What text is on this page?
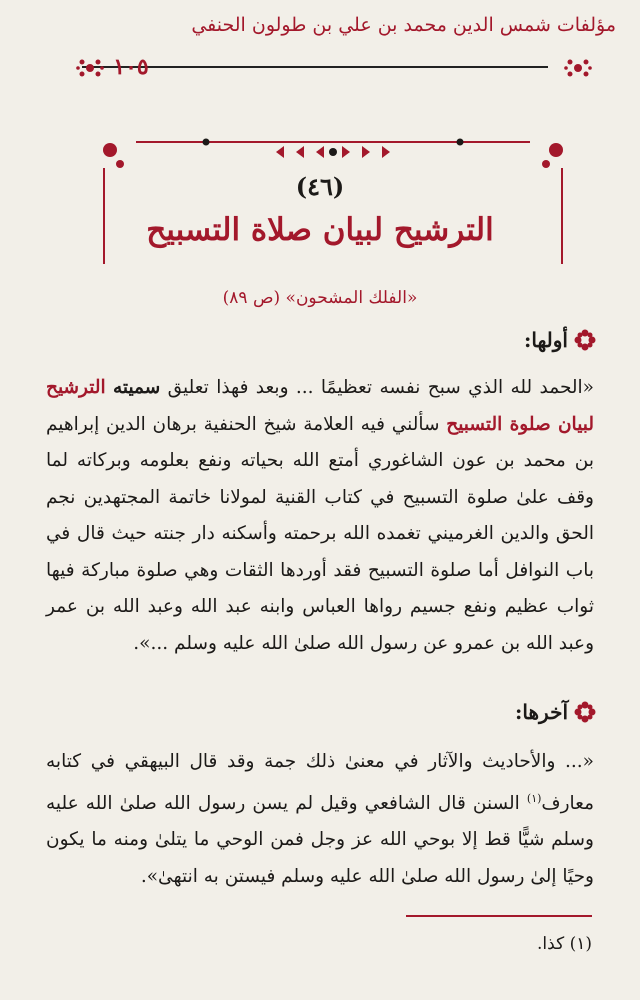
مؤلفات شمس الدين محمد بن علي بن طولون الحنفي
١٠٥
(٤٦)
الترشيح لبيان صلاة التسبيح
«الفلك المشحون» (ص ٨٩)
أولها:
«الحمد لله الذي سبح نفسه تعظيمًا ... وبعد فهذا تعليق سميته الترشيح لبيان صلوة التسبيح سألني فيه العلامة شيخ الحنفية برهان الدين إبراهيم بن محمد بن عون الشاغوري أمتع الله بحياته ونفع بعلومه وبركاته لما وقف علىٰ صلوة التسبيح في كتاب القنية لمولانا خاتمة المجتهدين نجم الحق والدين الغرميني تغمده الله برحمته وأسكنه دار جنته حيث قال في باب النوافل أما صلوة التسبيح فقد أوردها الثقات وهي صلوة مباركة فيها ثواب عظيم ونفع جسيم رواها العباس وابنه عبد الله وعبد الله بن عمر وعبد الله بن عمرو عن رسول الله صلىٰ الله عليه وسلم ...».
آخرها:
«... والأحاديث والآثار في معنىٰ ذلك جمة وقد قال البيهقي في كتابه معارف$^{(١)}$ السنن قال الشافعي وقيل لم يسن رسول الله صلىٰ الله عليه وسلم شيًّا قط إلا بوحي الله عز وجل فمن الوحي ما يتلىٰ ومنه ما يكون وحيًا إلىٰ رسول الله صلىٰ الله عليه وسلم فيستن به انتهىٰ».
(١) كذا.
